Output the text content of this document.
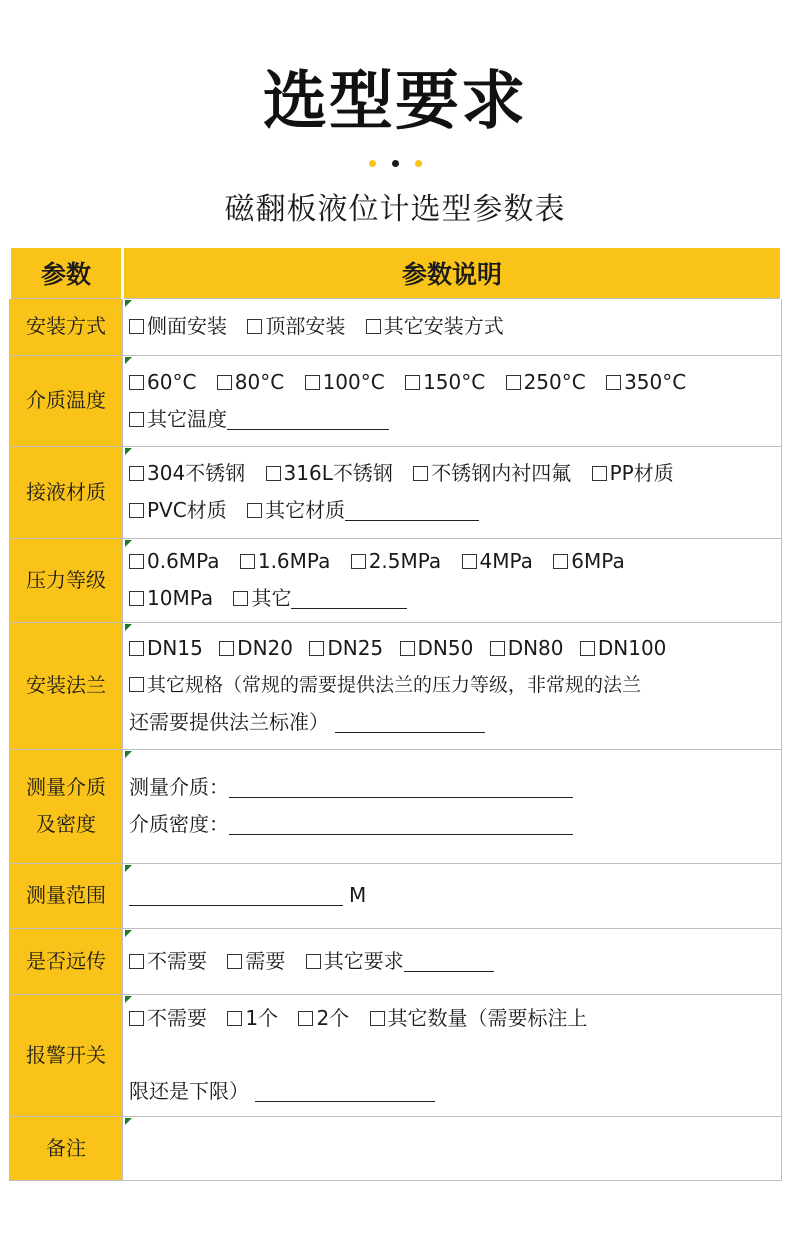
选型要求
磁翻板液位计选型参数表
参数	参数说明
安装方式	侧面安装 顶部安装 其它安装方式

介质温度	60°C 80°C 100°C 150°C 250°C 350°C
其它温度

接液材质	304不锈钢 316L不锈钢 不锈钢内衬四氟 PP材质
PVC材质 其它材质

压力等级	0.6MPa 1.6MPa 2.5MPa 4MPa 6MPa
10MPa 其它

安装法兰	DN15 DN20 DN25 DN50 DN80 DN100
其它规格（常规的需要提供法兰的压力等级，非常规的法兰
还需要提供法兰标准）

测量介质
及密度	测量介质：
介质密度：

测量范围	M

是否远传	不需要 需要 其它要求

报警开关	不需要 1个 2个 其它数量（需要标注上
限还是下限）

备注	
